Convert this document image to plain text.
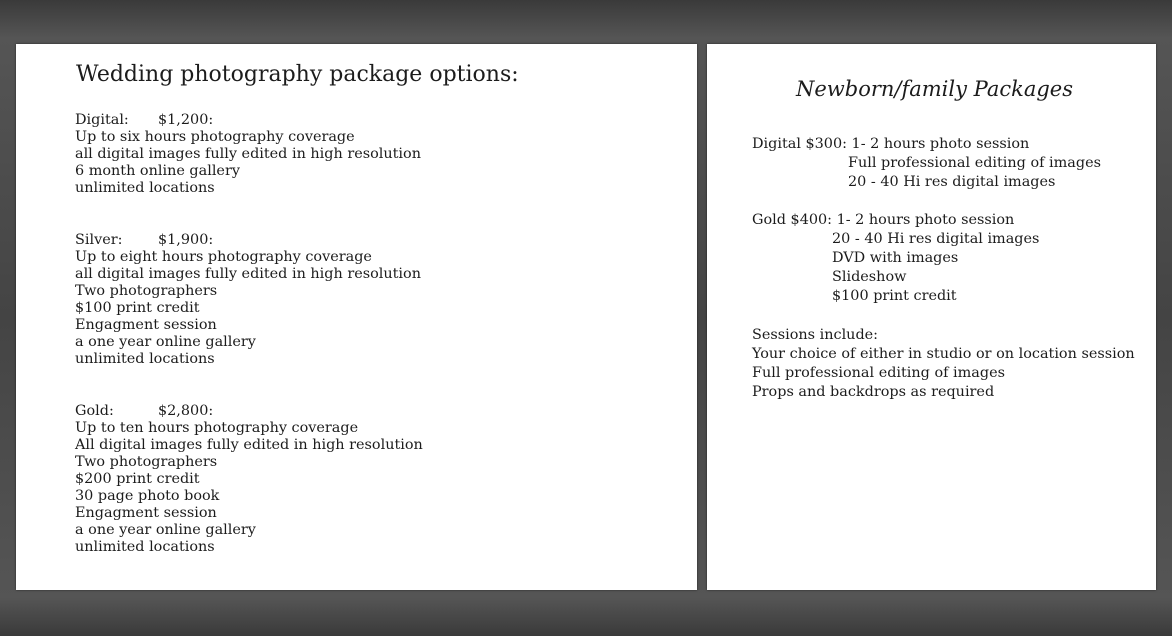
Wedding photography package options:
Digital: $1,200:
Up to six hours photography coverage
all digital images fully edited in high resolution
6 month online gallery
unlimited locations
Silver: $1,900:
Up to eight hours photography coverage
all digital images fully edited in high resolution
Two photographers
$100 print credit
Engagment session
a one year online gallery
unlimited locations
Gold:	$2,800:
Up to ten hours photography coverage
All digital images fully edited in high resolution
Two photographers
$200 print credit
30 page photo book
Engagment session
a one year online gallery
unlimited locations
Newborn/family Packages
Digital $300: 1- 2 hours photo session
Full professional editing of images
20 - 40 Hi res digital images
Gold $400: 1- 2 hours photo session
20 - 40 Hi res digital images
DVD with images
Slideshow
$100 print credit
Sessions include:
Your choice of either in studio or on location session
Full professional editing of images
Props and backdrops as required
